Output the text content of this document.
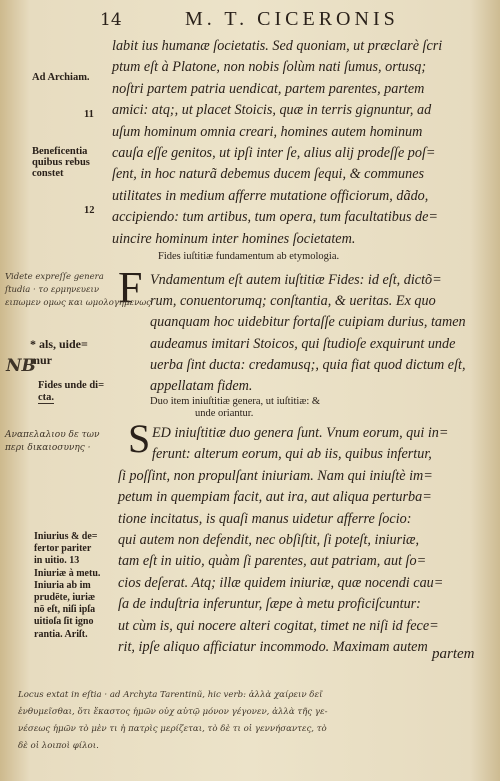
14	M. T. CICERONIS
labit ius humanæ ſocietatis. Sed quoniam, ut præclarè ſcri
ptum eſt à Platone, non nobis ſolùm nati ſumus, ortusq;
noſtri partem patria uendicat, partem parentes, partem
amici: atq;, ut placet Stoicis, quæ in terris gignuntur, ad
uſum hominum omnia creari, homines autem hominum
cauſa eſſe genitos, ut ipſi inter ſe, alius alij prodeſſe poſ=
ſent, in hoc naturã debemus ducem ſequi, & communes
utilitates in medium afferre mutatione officiorum, dãdo,
accipiendo: tum artibus, tum opera, tum facultatibus de=
uincire hominum inter homines ſocietatem.
Ad Archiam.
11
Beneficentia
quibus rebus
constet
12
Fides iuſtitiæ fundamentum ab etymologia.
F Vndamentum eſt autem iuſtitiæ Fides: id eſt, dictõ=
rum, conuentorumq; conſtantia, & ueritas. Ex quo
quanquam hoc uidebitur fortaſſe cuipiam durius, tamen
audeamus imitari Stoicos, qui ſtudioſe exquirunt unde
uerba ſint ducta: credamusq;, quia fiat quod dictum eſt,
appellatam fidem.
Videte expreſſe genera
ſtudia · το ερμηνευειν
ειπωμεν ομως και ωμολογημενως
* als, uide=
mur
NB
Fides unde di=
cta.	Duo item iniuſtitiæ genera, ut iuſtitiæ: &
unde oriantur.
Αναπελαλιου δε των
περι δικαιοσυνης · S ED iniuſtitiæ duo genera ſunt. Vnum eorum, qui in=
ferunt: alterum eorum, qui ab iis, quibus infertur,
ſi poſſint, non propulſant iniuriam. Nam qui iniuſtè im=
petum in quempiam facit, aut ira, aut aliqua perturba=
tione incitatus, is quaſi manus uidetur afferre ſocio:
qui autem non defendit, nec obſiſtit, ſi poteſt, iniuriæ,
tam eſt in uitio, quàm ſi parentes, aut patriam, aut ſo=
cios deſerat. Atq; illæ quidem iniuriæ, quæ nocendi cau=
ſa de induſtria inferuntur, ſæpe à metu proficiſcuntur:
ut cùm is, qui nocere alteri cogitat, timet ne niſi id fece=
rit, ipſe aliquo afficiatur incommodo. Maximam autem
Iniurius & de=
fertor pariter
in uitio. 13
Iniuriæ à metu.
Iniuria ab im
prudēte, iuriæ
nō eſt, niſi ipſa
uitioſa ſit igno
rantia. Ariſt.
partem
Locus extat in eſtia · ad Archyta Tarentinũ, hic verb: ἀλλὰ χαίρειν δεῖ
ἐνθυμεῖσθαι, ὅτι ἕκαστος ἡμῶν οὐχ αὑτῷ μόνον γέγονεν, ἀλλὰ τῆς γε-
νέσεως ἡμῶν τὸ μὲν τι ἡ πατρὶς μερίζεται, τὸ δὲ τι οἱ γεννήσαντες, τὸ
δὲ οἱ λοιποὶ φίλοι.
